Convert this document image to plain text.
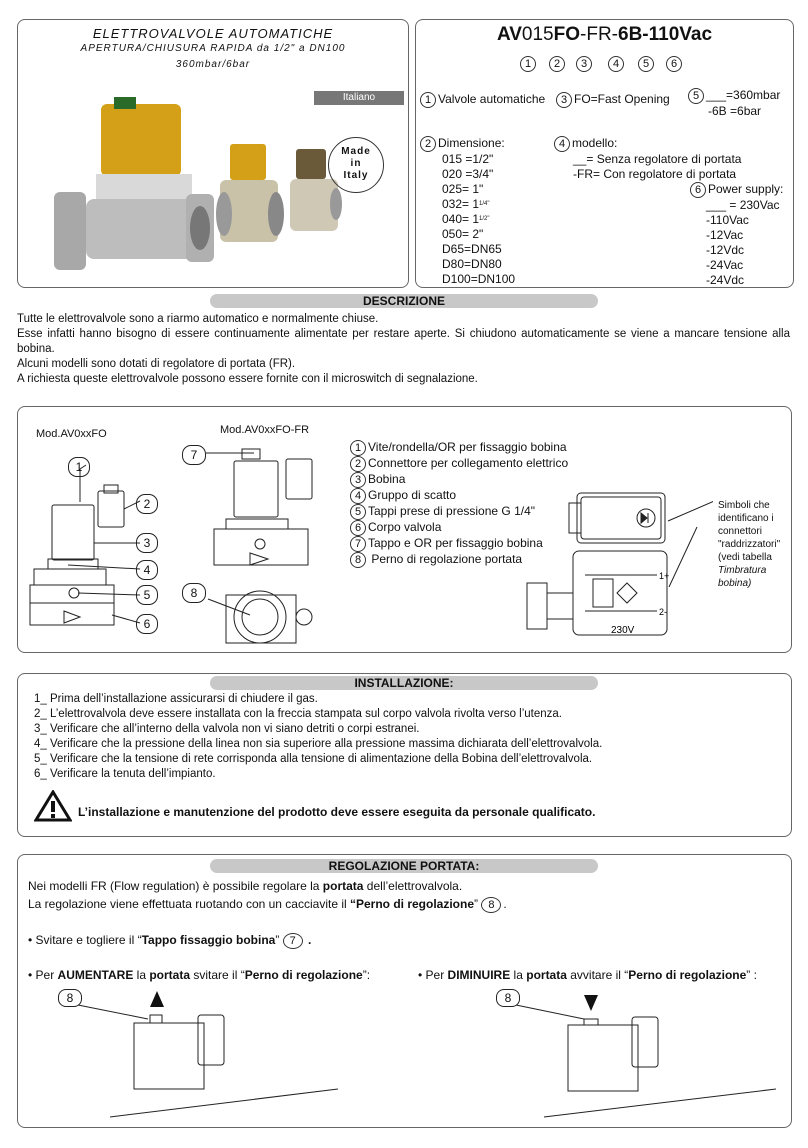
ELETTROVALVOLE AUTOMATICHE
APERTURA/CHIUSURA RAPIDA da 1/2" a DN100
360mbar/6bar
Italiano
Made
in
Italy
AV015FO-FR-6B-110Vac
1	2	3	4	5	6
1 Valvole automatiche	3 FO=Fast Opening	5 ___=360mbar
-6B =6bar
2 Dimensione:
015 =1/2"
020 =3/4"
025= 1"
$032= 1^{1/4"}$
$040= 1^{1/2"}$
050= 2"
D65=DN65
D80=DN80
D100=DN100
4 modello:
__= Senza regolatore di portata
-FR= Con regolatore di portata
6 Power supply:
___ = 230Vac
-110Vac
-12Vac
-12Vdc
-24Vac
-24Vdc
DESCRIZIONE
Tutte le elettrovalvole sono a riarmo automatico e normalmente chiuse.
Esse infatti hanno bisogno di essere continuamente alimentate per restare aperte. Si chiudono automaticamente se viene a mancare tensione alla bobina.
Alcuni modelli sono dotati di regolatore di portata (FR).
A richiesta queste elettrovalvole possono essere fornite con il microswitch di segnalazione.
Mod.AV0xxFO	Mod.AV0xxFO-FR
1
2
3
4
5
6
7
8
1 Vite/rondella/OR per fissaggio bobina
2 Connettore per collegamento elettrico
3 Bobina
4 Gruppo di scatto
5 Tappi prese di pressione G 1/4"
6 Corpo valvola
7 Tappo e OR per fissaggio bobina
8 Perno di regolazione portata
1+
2-
230V
Simboli che
identificano i
connettori
"raddrizzatori"
(vedi tabella
Timbratura
bobina)
INSTALLAZIONE:
1_ Prima dell’installazione assicurarsi di chiudere il gas.
2_ L’elettrovalvola deve essere installata con la freccia stampata sul corpo valvola rivolta verso l’utenza.
3_ Verificare che all’interno della valvola non vi siano detriti o corpi estranei.
4_ Verificare che la pressione della linea non sia superiore alla pressione massima dichiarata dell’elettrovalvola.
5_ Verificare che la tensione di rete corrisponda alla tensione di alimentazione della Bobina dell’elettrovalvola.
6_ Verificare la tenuta dell’impianto.
L’installazione e manutenzione del prodotto deve essere eseguita da personale qualificato.
REGOLAZIONE PORTATA:
Nei modelli FR (Flow regulation) è possibile regolare la portata dell’elettrovalvola.
La regolazione viene effettuata ruotando con un cacciavite il “Perno di regolazione” 8 .
• Svitare e togliere il “Tappo fissaggio bobina” 7 .
• Per AUMENTARE la portata svitare il “Perno di regolazione”:	• Per DIMINUIRE la portata avvitare il “Perno di regolazione” :
8	8
